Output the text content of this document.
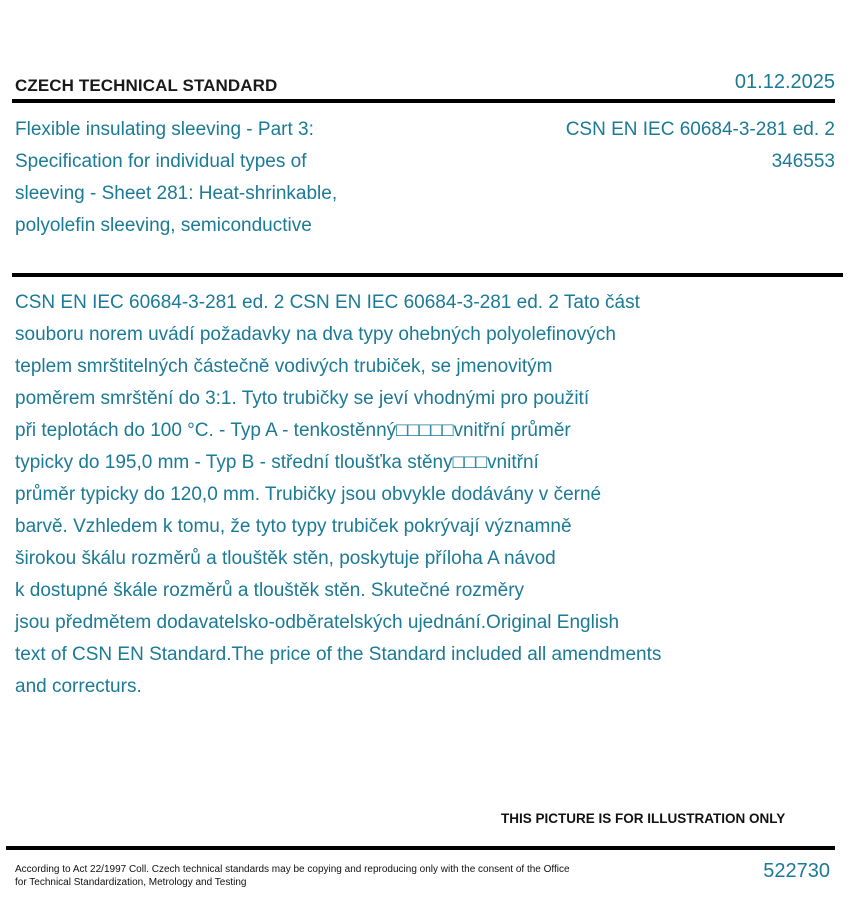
CZECH TECHNICAL STANDARD	01.12.2025
Flexible insulating sleeving - Part 3:
Specification for individual types of
sleeving - Sheet 281: Heat-shrinkable,
polyolefin sleeving, semiconductive
CSN EN IEC 60684-3-281 ed. 2
346553
CSN EN IEC 60684-3-281 ed. 2 CSN EN IEC 60684-3-281 ed. 2 Tato část
souboru norem uvádí požadavky na dva typy ohebných polyolefinových
teplem smrštitelných částečně vodivých trubiček, se jmenovitým
poměrem smrštění do 3:1. Tyto trubičky se jeví vhodnými pro použití
při teplotách do 100 °C. - Typ A - tenkostěnný□□□□□vnitřní průměr
typicky do 195,0 mm - Typ B - střední tloušťka stěny□□□vnitřní
průměr typicky do 120,0 mm. Trubičky jsou obvykle dodávány v černé
barvě. Vzhledem k tomu, že tyto typy trubiček pokrývají významně
širokou škálu rozměrů a tlouštěk stěn, poskytuje příloha A návod
k dostupné škále rozměrů a tlouštěk stěn. Skutečné rozměry
jsou předmětem dodavatelsko-odběratelských ujednání.Original English
text of CSN EN Standard.The price of the Standard included all amendments
and correcturs.
THIS PICTURE IS FOR ILLUSTRATION ONLY
According to Act 22/1997 Coll. Czech technical standards may be copying and reproducing only with the consent of the Office
for Technical Standardization, Metrology and Testing
522730
